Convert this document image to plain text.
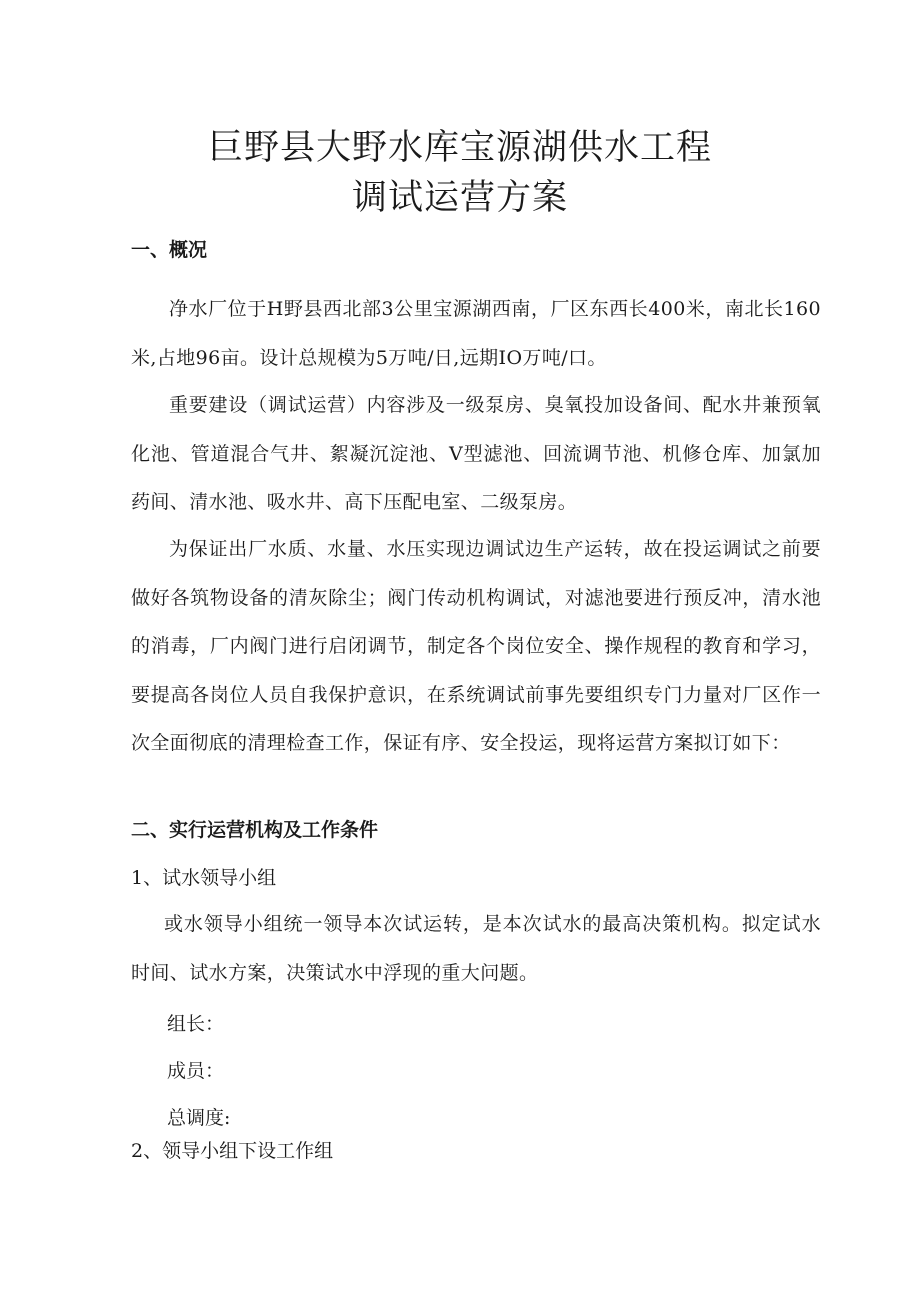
巨野县大野水库宝源湖供水工程
调试运营方案

一、概况

净水厂位于H野县西北部3公里宝源湖西南，厂区东西长400米，南北长160米,占地96亩。设计总规模为5万吨/日,远期IO万吨/口。

重要建设（调试运营）内容涉及一级泵房、臭氧投加设备间、配水井兼预氧化池、管道混合气井、絮凝沉淀池、V型滤池、回流调节池、机修仓库、加氯加药间、清水池、吸水井、高下压配电室、二级泵房。

为保证出厂水质、水量、水压实现边调试边生产运转，故在投运调试之前要做好各筑物设备的清灰除尘；阀门传动机构调试，对滤池要进行预反冲，清水池的消毒，厂内阀门进行启闭调节，制定各个岗位安全、操作规程的教育和学习，要提高各岗位人员自我保护意识，在系统调试前事先要组织专门力量对厂区作一次全面彻底的清理检查工作，保证有序、安全投运，现将运营方案拟订如下：

二、实行运营机构及工作条件

1、试水领导小组

或水领导小组统一领导本次试运转，是本次试水的最高决策机构。拟定试水时间、试水方案，决策试水中浮现的重大问题。

组长：

成员：

总调度:

2、领导小组下设工作组
